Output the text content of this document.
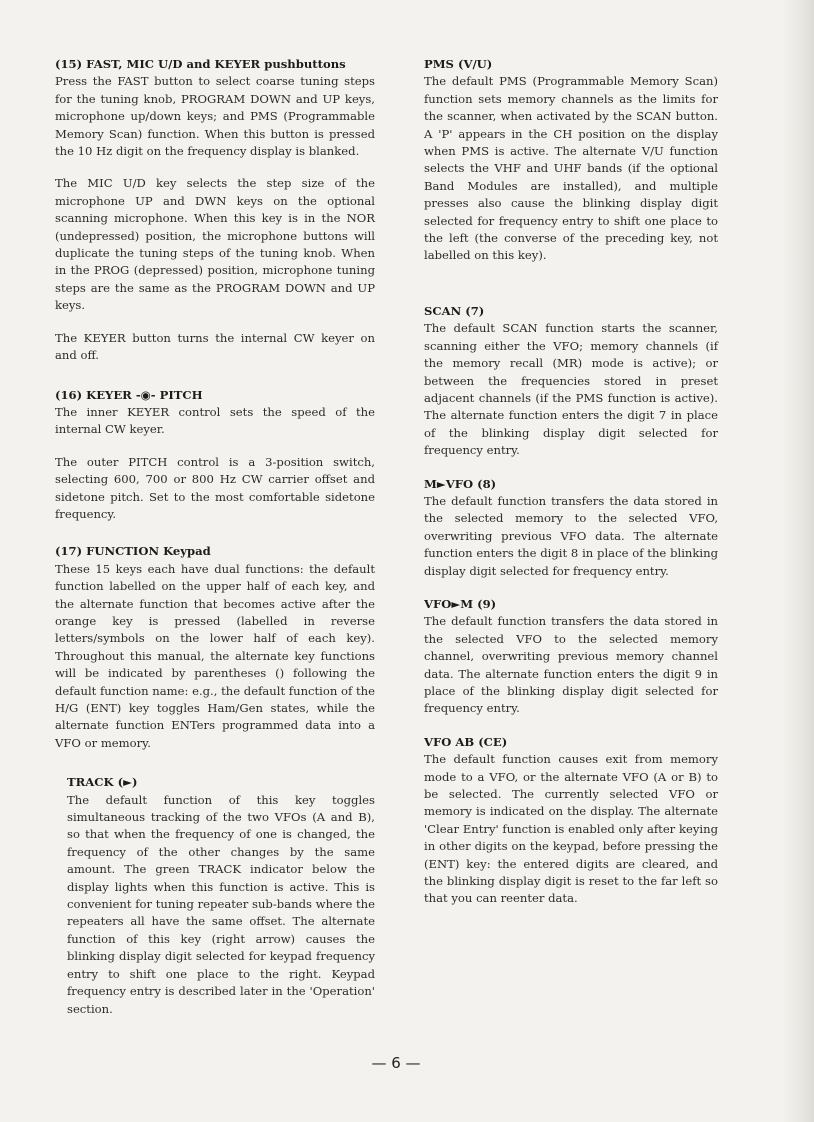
(15) FAST, MIC U/D and KEYER pushbuttons

Press the FAST button to select coarse tuning steps for the tuning knob, PROGRAM DOWN and UP keys, microphone up/down keys; and PMS (Programmable Memory Scan) function. When this button is pressed the 10 Hz digit on the frequency display is blanked.

The MIC U/D key selects the step size of the microphone UP and DWN keys on the optional scanning microphone. When this key is in the NOR (undepressed) position, the microphone buttons will duplicate the tuning steps of the tuning knob. When in the PROG (depressed) position, microphone tuning steps are the same as the PROGRAM DOWN and UP keys.

The KEYER button turns the internal CW keyer on and off.

(16) KEYER -◉- PITCH

The inner KEYER control sets the speed of the internal CW keyer.

The outer PITCH control is a 3-position switch, selecting 600, 700 or 800 Hz CW carrier offset and sidetone pitch. Set to the most comfortable sidetone frequency.

(17) FUNCTION Keypad

These 15 keys each have dual functions: the default function labelled on the upper half of each key, and the alternate function that becomes active after the orange key is pressed (labelled in reverse letters/symbols on the lower half of each key). Throughout this manual, the alternate key functions will be indicated by parentheses () following the default function name: e.g., the default function of the H/G (ENT) key toggles Ham/Gen states, while the alternate function ENTers programmed data into a VFO or memory.

TRACK (►)

The default function of this key toggles simultaneous tracking of the two VFOs (A and B), so that when the frequency of one is changed, the frequency of the other changes by the same amount. The green TRACK indicator below the display lights when this function is active. This is convenient for tuning repeater sub-bands where the repeaters all have the same offset. The alternate function of this key (right arrow) causes the blinking display digit selected for keypad frequency entry to shift one place to the right. Keypad frequency entry is described later in the 'Operation' section.

PMS (V/U)

The default PMS (Programmable Memory Scan) function sets memory channels as the limits for the scanner, when activated by the SCAN button. A 'P' appears in the CH position on the display when PMS is active. The alternate V/U function selects the VHF and UHF bands (if the optional Band Modules are installed), and multiple presses also cause the blinking display digit selected for frequency entry to shift one place to the left (the converse of the preceding key, not labelled on this key).

SCAN (7)

The default SCAN function starts the scanner, scanning either the VFO; memory channels (if the memory recall (MR) mode is active); or between the frequencies stored in preset adjacent channels (if the PMS function is active). The alternate function enters the digit 7 in place of the blinking display digit selected for frequency entry.

M►VFO (8)

The default function transfers the data stored in the selected memory to the selected VFO, overwriting previous VFO data. The alternate function enters the digit 8 in place of the blinking display digit selected for frequency entry.

VFO►M (9)

The default function transfers the data stored in the selected VFO to the selected memory channel, overwriting previous memory channel data. The alternate function enters the digit 9 in place of the blinking display digit selected for frequency entry.

VFO AB (CE)

The default function causes exit from memory mode to a VFO, or the alternate VFO (A or B) to be selected. The currently selected VFO or memory is indicated on the display. The alternate 'Clear Entry' function is enabled only after keying in other digits on the keypad, before pressing the (ENT) key: the entered digits are cleared, and the blinking display digit is reset to the far left so that you can reenter data.

— 6 —
